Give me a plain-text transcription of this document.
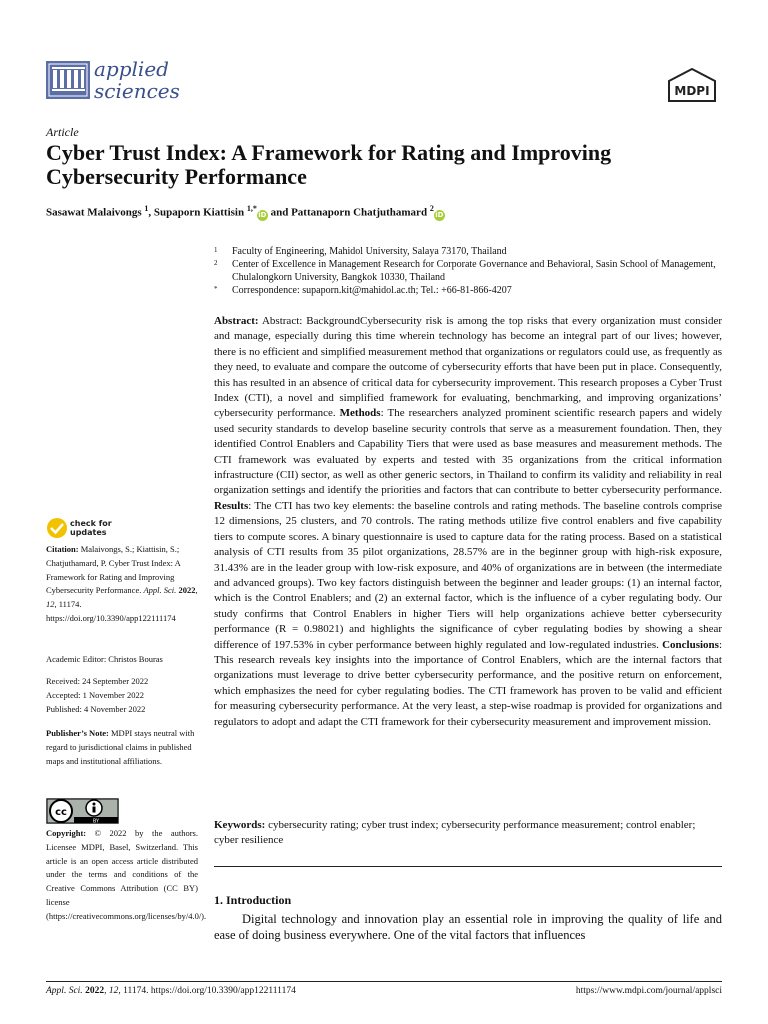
applied
sciences	MDPI
Article
Cyber Trust Index: A Framework for Rating and Improving Cybersecurity Performance
Sasawat Malaivongs $^1$, Supaporn Kiattisin $^{1,*}$iD and Pattanaporn Chatjuthamard $^2$iD
1	Faculty of Engineering, Mahidol University, Salaya 73170, Thailand
2	Center of Excellence in Management Research for Corporate Governance and Behavioral, Sasin School of Management, Chulalongkorn University, Bangkok 10330, Thailand
*	Correspondence: supaporn.kit@mahidol.ac.th; Tel.: +66-81-866-4207
Abstract: Abstract: BackgroundCybersecurity risk is among the top risks that every organization must consider and manage, especially during this time wherein technology has become an integral part of our lives; however, there is no efficient and simplified measurement method that organizations or regulators could use, as frequently as they need, to evaluate and compare the outcome of cybersecurity efforts that have been put in place. Consequently, this has resulted in an absence of critical data for cybersecurity improvement. This research proposes a Cyber Trust Index (CTI), a novel and simplified framework for evaluating, benchmarking, and improving organizations’ cybersecurity performance. Methods: The researchers analyzed prominent scientific research papers and widely used security standards to develop baseline security controls that serve as a measurement foundation. Then, they identified Control Enablers and Capability Tiers that were used as base measures and measurement methods. The CTI framework was evaluated by experts and tested with 35 organizations from the critical information infrastructure (CII) sector, as well as other generic sectors, in Thailand to confirm its validity and reliability in real organization settings and identify the priorities and factors that can contribute to better cybersecurity performance. Results: The CTI has two key elements: the baseline controls and rating methods. The baseline controls comprise 12 dimensions, 25 clusters, and 70 controls. The rating methods utilize five control enablers and five capability tiers to compute scores. A binary questionnaire is used to capture data for the rating process. Based on a statistical analysis of CTI results from 35 pilot organizations, 28.57% are in the beginner group with high-risk exposure, 31.43% are in the leader group with low-risk exposure, and 40% of organizations are in between (the intermediate and advanced groups). Two key factors distinguish between the beginner and leader groups: (1) an internal factor, which is the Control Enablers; and (2) an external factor, which is the influence of a cyber regulating body. Our study confirms that Control Enablers in higher Tiers will help organizations achieve better cybersecurity performance (R = 0.98021) and highlights the significance of cyber regulating bodies by showing a shear difference of 197.53% in cyber performance between highly regulated and low-regulated industries. Conclusions: This research reveals key insights into the importance of Control Enablers, which are the internal factors that organizations must leverage to drive better cybersecurity performance, and the positive return on enforcement, which emphasizes the need for cyber regulating bodies. The CTI framework has proven to be valid and efficient for measuring cybersecurity performance. At the very least, a step-wise roadmap is provided for organizations and regulators to adopt and adapt the CTI framework for their cybersecurity measurement and improvement mission.
Keywords: cybersecurity rating; cyber trust index; cybersecurity performance measurement; control enabler; cyber resilience
1. Introduction
Digital technology and innovation play an essential role in improving the quality of life and ease of doing business everywhere. One of the vital factors that influences
check for
updates
Citation: Malaivongs, S.; Kiattisin, S.; Chatjuthamard, P. Cyber Trust Index: A Framework for Rating and Improving Cybersecurity Performance. Appl. Sci. 2022, 12, 11174. https://doi.org/10.3390/app122111174
Academic Editor: Christos Bouras
Received: 24 September 2022
Accepted: 1 November 2022
Published: 4 November 2022
Publisher’s Note: MDPI stays neutral with regard to jurisdictional claims in published maps and institutional affiliations.
cc
BY
Copyright: © 2022 by the authors. Licensee MDPI, Basel, Switzerland. This article is an open access article distributed under the terms and conditions of the Creative Commons Attribution (CC BY) license (https://creativecommons.org/licenses/by/4.0/).
Appl. Sci. 2022, 12, 11174. https://doi.org/10.3390/app122111174	https://www.mdpi.com/journal/applsci
